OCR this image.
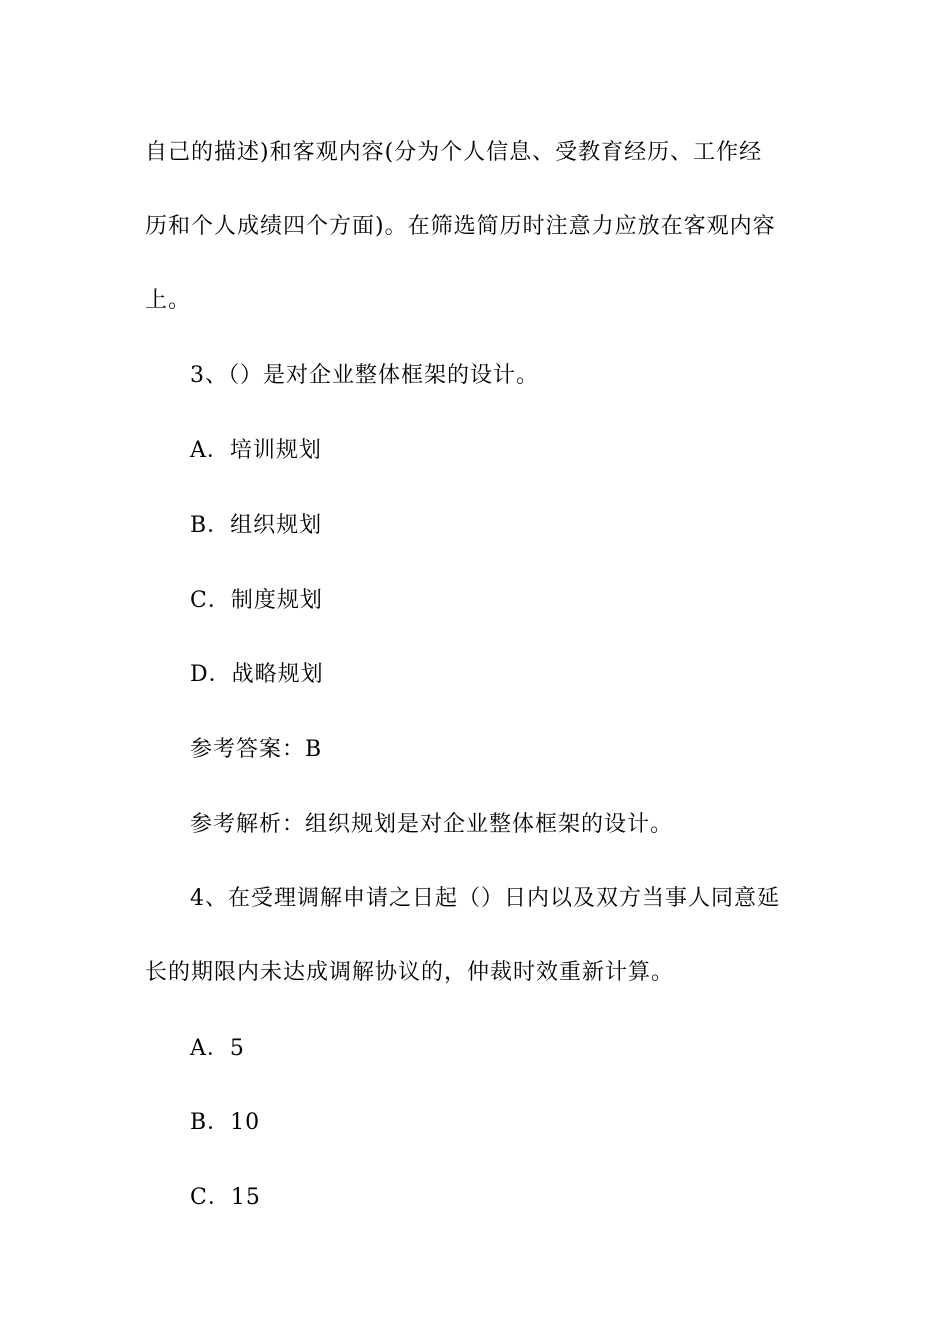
自己的描述)和客观内容(分为个人信息、受教育经历、工作经
历和个人成绩四个方面)。在筛选简历时注意力应放在客观内容
上。
3、（）是对企业整体框架的设计。
A．培训规划
B．组织规划
C．制度规划
D．战略规划
参考答案：B
参考解析：组织规划是对企业整体框架的设计。
4、在受理调解申请之日起（）日内以及双方当事人同意延
长的期限内未达成调解协议的，仲裁时效重新计算。
A．5
B．10
C．15
